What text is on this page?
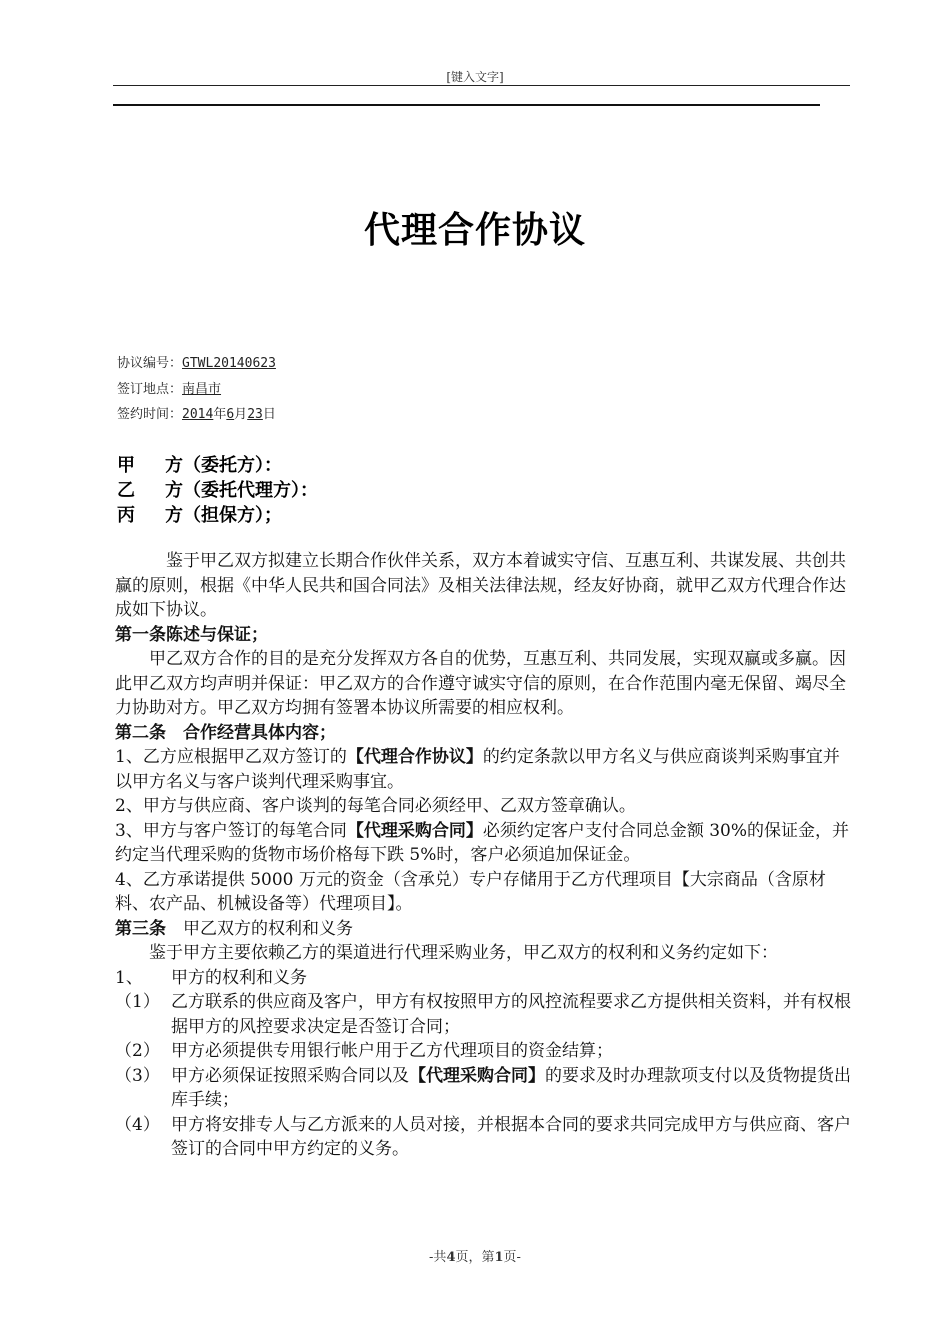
[键入文字]
代理合作协议
协议编号：GTWL20140623
签订地点：南昌市
签约时间：2014年6月23日
甲 方（委托方）：
乙 方（委托代理方）：
丙 方（担保方）；

鉴于甲乙双方拟建立长期合作伙伴关系，双方本着诚实守信、互惠互利、共谋发展、共创共赢的原则，根据《中华人民共和国合同法》及相关法律法规，经友好协商，就甲乙双方代理合作达成如下协议。

第一条陈述与保证；

甲乙双方合作的目的是充分发挥双方各自的优势，互惠互利、共同发展，实现双赢或多赢。因此甲乙双方均声明并保证：甲乙双方的合作遵守诚实守信的原则，在合作范围内毫无保留、竭尽全力协助对方。甲乙双方均拥有签署本协议所需要的相应权利。

第二条　合作经营具体内容；

1、乙方应根据甲乙双方签订的【代理合作协议】的约定条款以甲方名义与供应商谈判采购事宜并以甲方名义与客户谈判代理采购事宜。

2、甲方与供应商、客户谈判的每笔合同必须经甲、乙双方签章确认。

3、甲方与客户签订的每笔合同【代理采购合同】必须约定客户支付合同总金额 30%的保证金，并约定当代理采购的货物市场价格每下跌 5%时，客户必须追加保证金。

4、乙方承诺提供 5000 万元的资金（含承兑）专户存储用于乙方代理项目【大宗商品（含原材料、农产品、机械设备等）代理项目】。

第三条　甲乙双方的权利和义务

鉴于甲方主要依赖乙方的渠道进行代理采购业务，甲乙双方的权利和义务约定如下：

1、	甲方的权利和义务
（1） 乙方联系的供应商及客户，甲方有权按照甲方的风控流程要求乙方提供相关资料，并有权根据甲方的风控要求决定是否签订合同；
（2） 甲方必须提供专用银行帐户用于乙方代理项目的资金结算；
（3） 甲方必须保证按照采购合同以及【代理采购合同】的要求及时办理款项支付以及货物提货出库手续；
（4） 甲方将安排专人与乙方派来的人员对接，并根据本合同的要求共同完成甲方与供应商、客户签订的合同中甲方约定的义务。
-共4页，第1页-
